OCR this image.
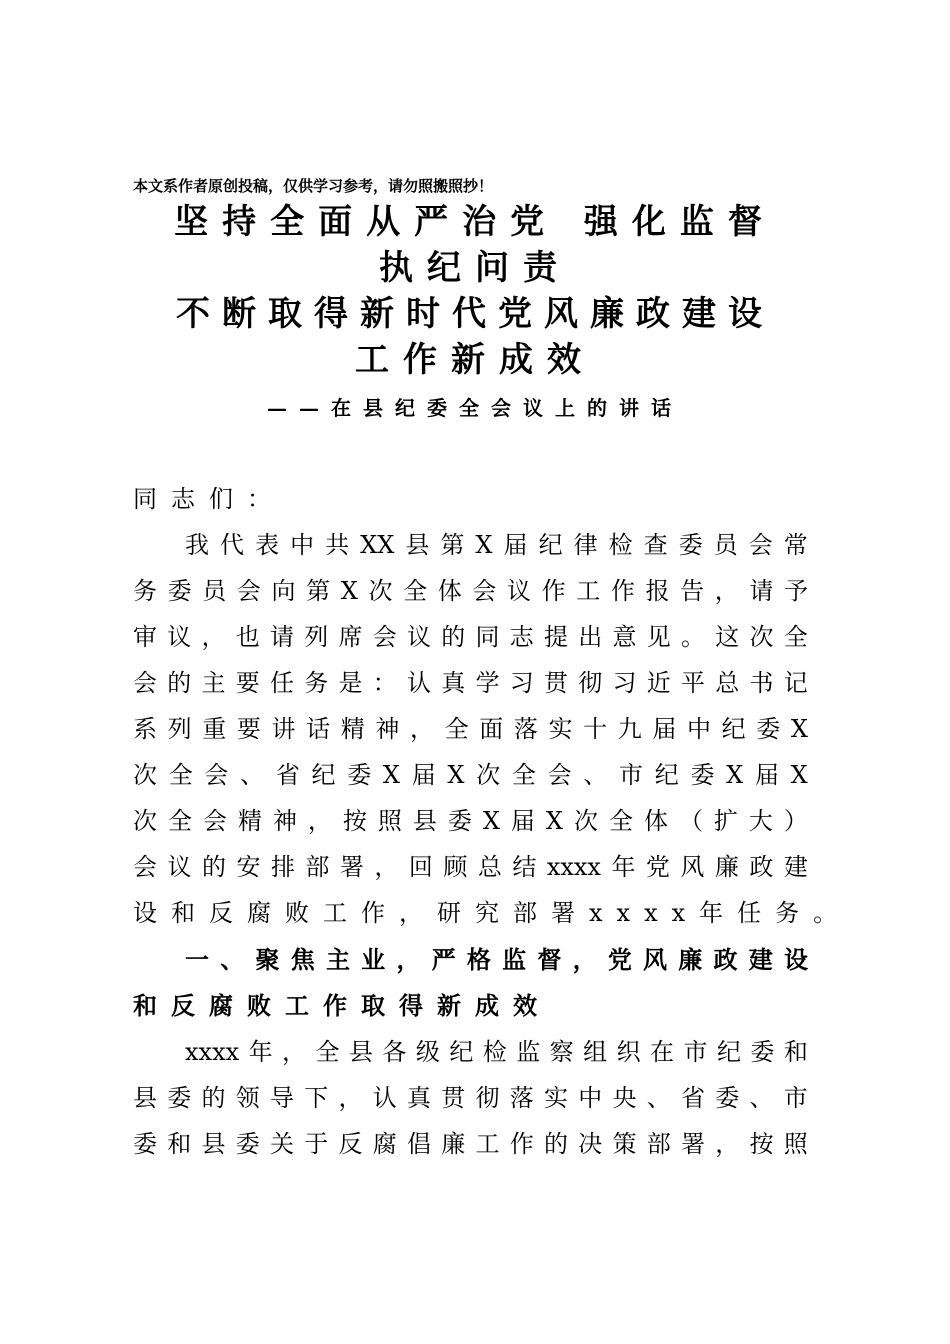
本文系作者原创投稿，仅供学习参考，请勿照搬照抄！
坚持全面从严治党 强化监督
执纪问责
不断取得新时代党风廉政建设
工作新成效
——在县纪委全会议上的讲话
同志们：
我 代 表 中 共 XX 县 第 X 届 纪 律 检 查 委 员 会 常
务 委 员 会 向 第 X 次 全 体 会 议 作 工 作 报 告 ， 请 予
审 议 ， 也 请 列 席 会 议 的 同 志 提 出 意 见 。 这 次 全
会 的 主 要 任 务 是 ： 认 真 学 习 贯 彻 习 近 平 总 书 记
系 列 重 要 讲 话 精 神 ， 全 面 落 实 十 九 届 中 纪 委 X
次 全 会 、 省 纪 委 X 届 X 次 全 会 、 市 纪 委 X 届 X
次 全 会 精 神 ， 按 照 县 委 X 届 X 次 全 体 （ 扩 大 ）
会 议 的 安 排 部 署 ， 回 顾 总 结 xxxx 年 党 风 廉 政 建
设和反腐败工作，研究部署xxxx年任务。
一 、 聚 焦 主 业 ， 严 格 监 督 ， 党 风 廉 政 建 设
和反腐败工作取得新成效
xxxx 年 ， 全 县 各 级 纪 检 监 察 组 织 在 市 纪 委 和
县 委 的 领 导 下 ， 认 真 贯 彻 落 实 中 央 、 省 委 、 市
委 和 县 委 关 于 反 腐 倡 廉 工 作 的 决 策 部 署 ， 按 照
